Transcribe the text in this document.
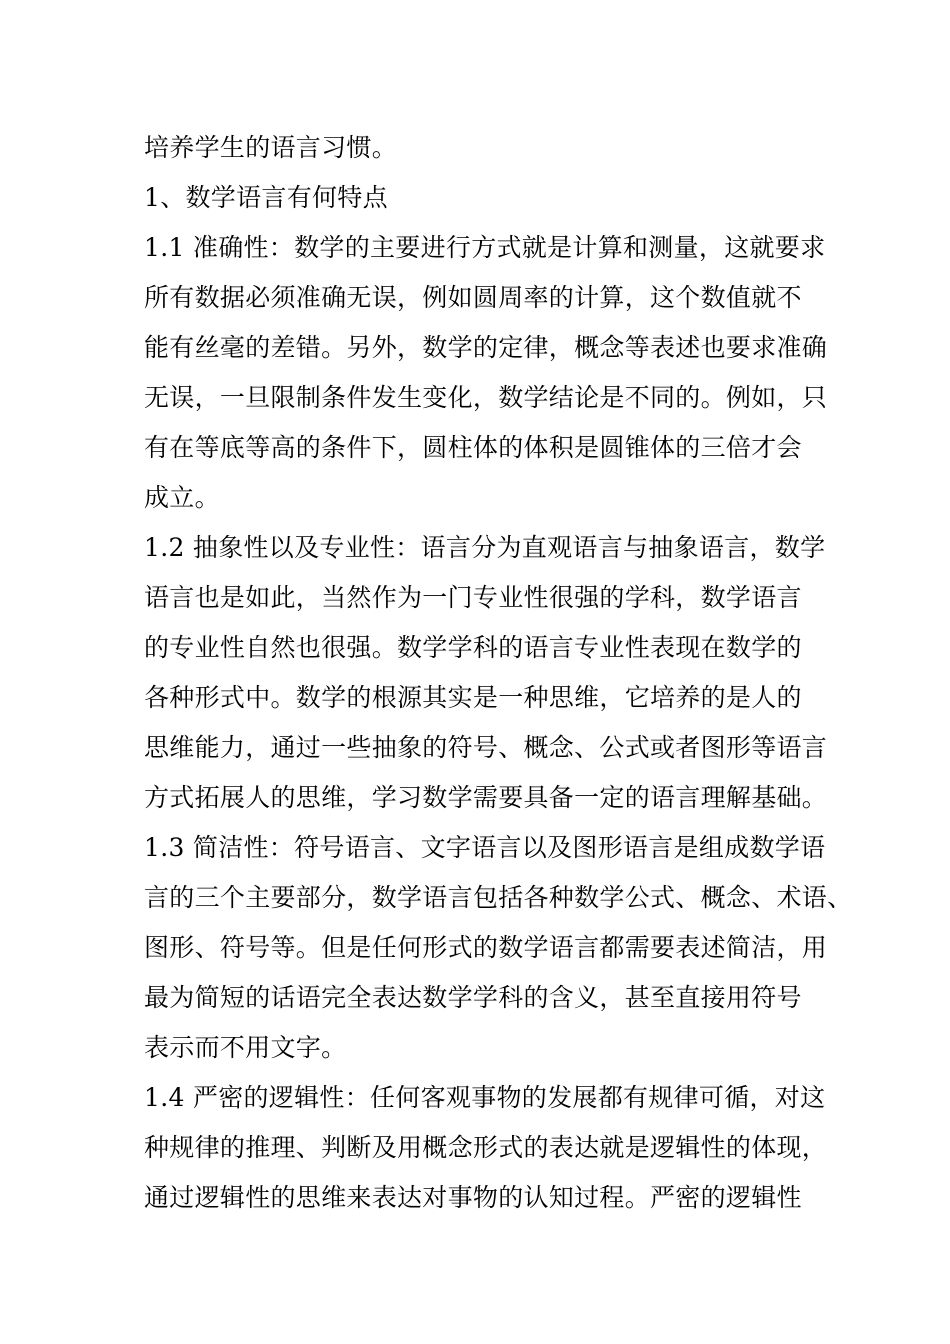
培养学生的语言习惯。
1、数学语言有何特点
1.1 准确性：数学的主要进行方式就是计算和测量，这就要求
所有数据必须准确无误，例如圆周率的计算，这个数值就不
能有丝毫的差错。另外，数学的定律，概念等表述也要求准确
无误，一旦限制条件发生变化，数学结论是不同的。例如，只
有在等底等高的条件下，圆柱体的体积是圆锥体的三倍才会
成立。
1.2 抽象性以及专业性：语言分为直观语言与抽象语言，数学
语言也是如此，当然作为一门专业性很强的学科，数学语言
的专业性自然也很强。数学学科的语言专业性表现在数学的
各种形式中。数学的根源其实是一种思维，它培养的是人的
思维能力，通过一些抽象的符号、概念、公式或者图形等语言
方式拓展人的思维，学习数学需要具备一定的语言理解基础。
1.3 简洁性：符号语言、文字语言以及图形语言是组成数学语
言的三个主要部分，数学语言包括各种数学公式、概念、术语、
图形、符号等。但是任何形式的数学语言都需要表述简洁，用
最为简短的话语完全表达数学学科的含义，甚至直接用符号
表示而不用文字。
1.4 严密的逻辑性：任何客观事物的发展都有规律可循，对这
种规律的推理、判断及用概念形式的表达就是逻辑性的体现，
通过逻辑性的思维来表达对事物的认知过程。严密的逻辑性
